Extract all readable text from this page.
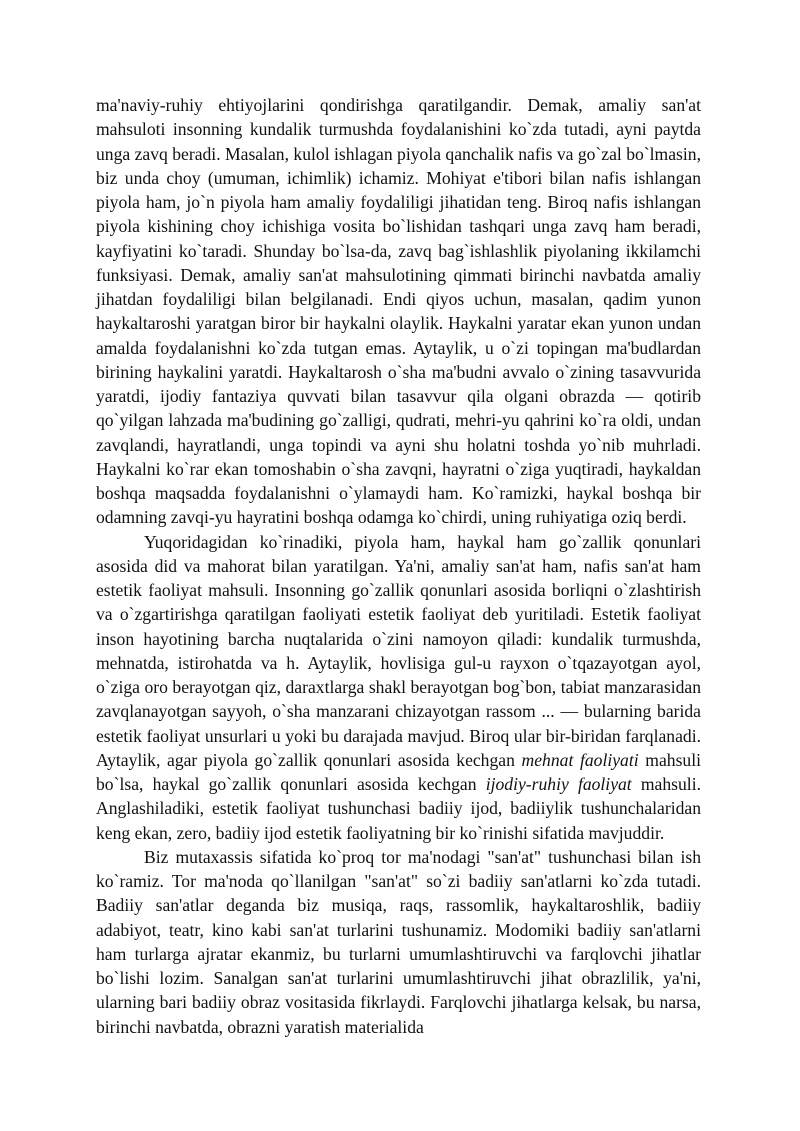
ma'naviy-ruhiy ehtiyojlarini qondirishga qaratilgandir. Demak, amaliy san'at mahsuloti insonning kundalik turmushda foydalanishini ko`zda tutadi, ayni paytda unga zavq beradi. Masalan, kulol ishlagan piyola qanchalik nafis va go`zal bo`lmasin, biz unda choy (umuman, ichimlik) ichamiz. Mohiyat e'tibori bilan nafis ishlangan piyola ham, jo`n piyola ham amaliy foydaliligi jihatidan teng. Biroq nafis ishlangan piyola kishining choy ichishiga vosita bo`lishidan tashqari unga zavq ham beradi, kayfiyatini ko`taradi. Shunday bo`lsa-da, zavq bag`ishlashlik piyolaning ikkilamchi funksiyasi. Demak, amaliy san'at mahsulotining qimmati birinchi navbatda amaliy jihatdan foydaliligi bilan belgilanadi. Endi qiyos uchun, masalan, qadim yunon haykaltaroshi yaratgan biror bir haykalni olaylik. Haykalni yaratar ekan yunon undan amalda foydalanishni ko`zda tutgan emas. Aytaylik, u o`zi topingan ma'budlardan birining haykalini yaratdi. Haykaltarosh o`sha ma'budni avvalo o`zining tasavvurida yaratdi, ijodiy fantaziya quvvati bilan tasavvur qila olgani obrazda — qotirib qo`yilgan lahzada ma'budining go`zalligi, qudrati, mehri-yu qahrini ko`ra oldi, undan zavqlandi, hayratlandi, unga topindi va ayni shu holatni toshda yo`nib muhrladi. Haykalni ko`rar ekan tomoshabin o`sha zavqni, hayratni o`ziga yuqtiradi, haykaldan boshqa maqsadda foydalanishni o`ylamaydi ham. Ko`ramizki, haykal boshqa bir odamning zavqi-yu hayratini boshqa odamga ko`chirdi, uning ruhiyatiga oziq berdi.

Yuqoridagidan ko`rinadiki, piyola ham, haykal ham go`zallik qonunlari asosida did va mahorat bilan yaratilgan. Ya'ni, amaliy san'at ham, nafis san'at ham estetik faoliyat mahsuli. Insonning go`zallik qonunlari asosida borliqni o`zlashtirish va o`zgartirishga qaratilgan faoliyati estetik faoliyat deb yuritiladi. Estetik faoliyat inson hayotining barcha nuqtalarida o`zini namoyon qiladi: kundalik turmushda, mehnatda, istirohatda va h. Aytaylik, hovlisiga gul-u rayxon o`tqazayotgan ayol, o`ziga oro berayotgan qiz, daraxtlarga shakl berayotgan bog`bon, tabiat manzarasidan zavqlanayotgan sayyoh, o`sha manzarani chizayotgan rassom ... — bularning barida estetik faoliyat unsurlari u yoki bu darajada mavjud. Biroq ular bir-biridan farqlanadi. Aytaylik, agar piyola go`zallik qonunlari asosida kechgan mehnat faoliyati mahsuli bo`lsa, haykal go`zallik qonunlari asosida kechgan ijodiy-ruhiy faoliyat mahsuli. Anglashiladiki, estetik faoliyat tushunchasi badiiy ijod, badiiylik tushunchalaridan keng ekan, zero, badiiy ijod estetik faoliyatning bir ko`rinishi sifatida mavjuddir.

Biz mutaxassis sifatida ko`proq tor ma'nodagi "san'at" tushunchasi bilan ish ko`ramiz. Tor ma'noda qo`llanilgan "san'at" so`zi badiiy san'atlarni ko`zda tutadi. Badiiy san'atlar deganda biz musiqa, raqs, rassomlik, haykaltaroshlik, badiiy adabiyot, teatr, kino kabi san'at turlarini tushunamiz. Modomiki badiiy san'atlarni ham turlarga ajratar ekanmiz, bu turlarni umumlashtiruvchi va farqlovchi jihatlar bo`lishi lozim. Sanalgan san'at turlarini umumlashtiruvchi jihat obrazlilik, ya'ni, ularning bari badiiy obraz vositasida fikrlaydi. Farqlovchi jihatlarga kelsak, bu narsa, birinchi navbatda, obrazni yaratish materialida
